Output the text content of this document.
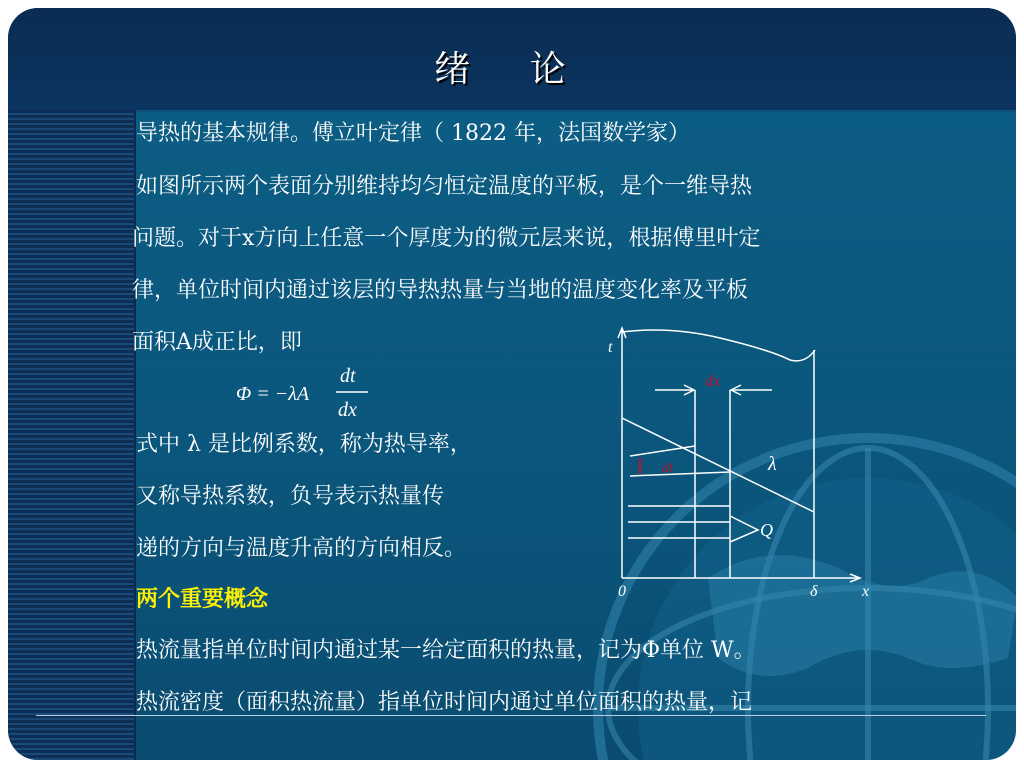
绪 论
导热的基本规律。傅立叶定律（ 1822 年，法国数学家）
如图所示两个表面分别维持均匀恒定温度的平板，是个一维导热
问题。对于x方向上任意一个厚度为的微元层来说，根据傅里叶定
律，单位时间内通过该层的导热热量与当地的温度变化率及平板
面积A成正比，即
Φ = −λA
dt
dx
式中 λ 是比例系数，称为热导率，
又称导热系数，负号表示热量传
递的方向与温度升高的方向相反。
两个重要概念
热流量指单位时间内通过某一给定面积的热量，记为Φ单位 W。
热流密度（面积热流量）指单位时间内通过单位面积的热量，记
dx
dt
Q
λ
t
0	δ	x
